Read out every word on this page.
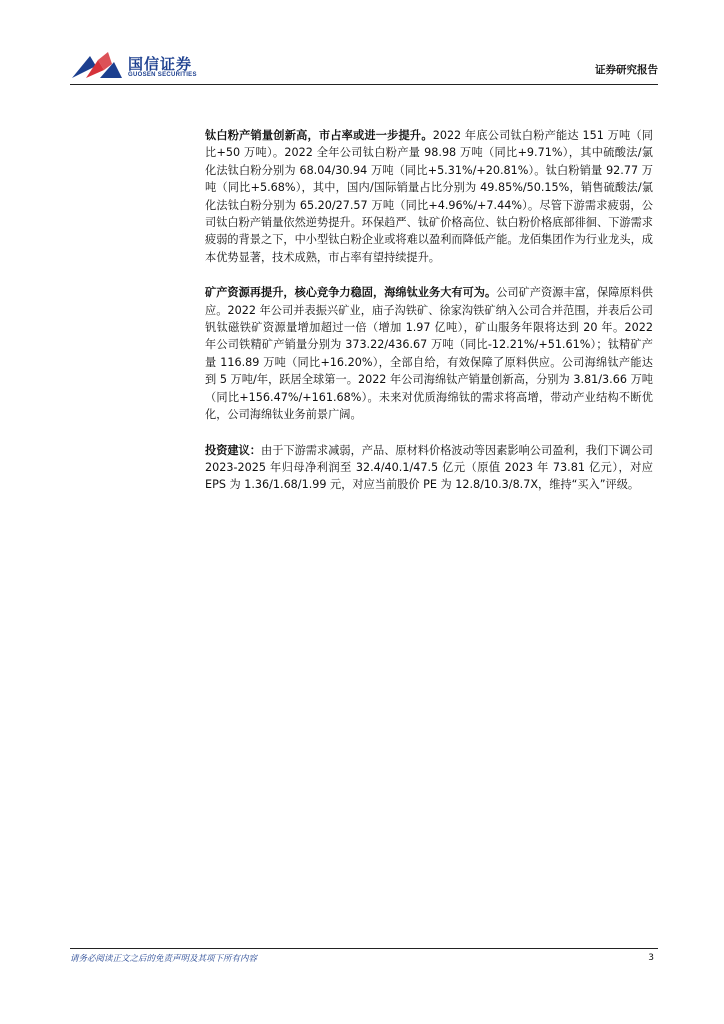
国信证券
GUOSEN SECURITIES	证券研究报告

钛白粉产销量创新高，市占率或进一步提升。2022 年底公司钛白粉产能达 151 万吨（同比+50 万吨）。2022 全年公司钛白粉产量 98.98 万吨（同比+9.71%），其中硫酸法/氯化法钛白粉分别为 68.04/30.94 万吨（同比+5.31%/+20.81%）。钛白粉销量 92.77 万吨（同比+5.68%），其中，国内/国际销量占比分别为 49.85%/50.15%，销售硫酸法/氯化法钛白粉分别为 65.20/27.57 万吨（同比+4.96%/+7.44%）。尽管下游需求疲弱，公司钛白粉产销量依然逆势提升。环保趋严、钛矿价格高位、钛白粉价格底部徘徊、下游需求疲弱的背景之下，中小型钛白粉企业或将难以盈利而降低产能。龙佰集团作为行业龙头，成本优势显著，技术成熟，市占率有望持续提升。

矿产资源再提升，核心竞争力稳固，海绵钛业务大有可为。公司矿产资源丰富，保障原料供应。2022 年公司并表振兴矿业，庙子沟铁矿、徐家沟铁矿纳入公司合并范围，并表后公司钒钛磁铁矿资源量增加超过一倍（增加 1.97 亿吨），矿山服务年限将达到 20 年。2022 年公司铁精矿产销量分别为 373.22/436.67 万吨（同比-12.21%/+51.61%）；钛精矿产量 116.89 万吨（同比+16.20%），全部自给，有效保障了原料供应。公司海绵钛产能达到 5 万吨/年，跃居全球第一。2022 年公司海绵钛产销量创新高，分别为 3.81/3.66 万吨（同比+156.47%/+161.68%）。未来对优质海绵钛的需求将高增，带动产业结构不断优化，公司海绵钛业务前景广阔。

投资建议：由于下游需求减弱，产品、原材料价格波动等因素影响公司盈利，我们下调公司 2023-2025 年归母净利润至 32.4/40.1/47.5 亿元（原值 2023 年 73.81 亿元），对应 EPS 为 1.36/1.68/1.99 元，对应当前股价 PE 为 12.8/10.3/8.7X，维持“买入”评级。

请务必阅读正文之后的免责声明及其项下所有内容	3
